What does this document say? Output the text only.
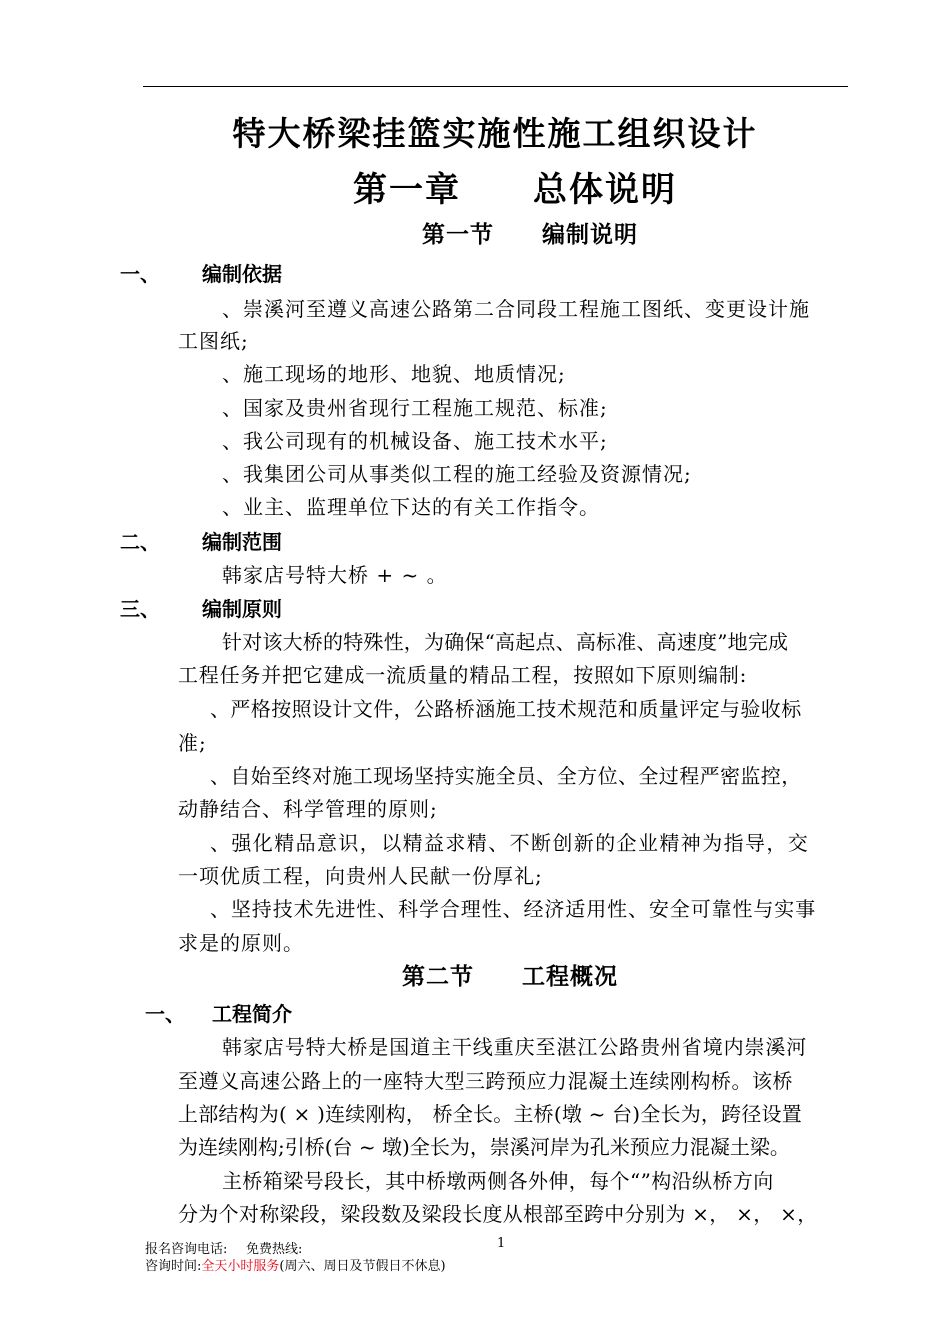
特大桥梁挂篮实施性施工组织设计
第一章　　总体说明
第一节　　编制说明
一、 编制依据
、崇溪河至遵义高速公路第二合同段工程施工图纸、变更设计施
工图纸;
、施工现场的地形、地貌、地质情况;
、国家及贵州省现行工程施工规范、标准;
、我公司现有的机械设备、施工技术水平;
、我集团公司从事类似工程的施工经验及资源情况;
、业主、监理单位下达的有关工作指令。
二、 编制范围
韩家店号特大桥 + ~ 。
三、 编制原则
针对该大桥的特殊性，为确保“高起点、高标准、高速度”地完成
工程任务并把它建成一流质量的精品工程，按照如下原则编制:
、严格按照设计文件，公路桥涵施工技术规范和质量评定与验收标
准;
、自始至终对施工现场坚持实施全员、全方位、全过程严密监控，
动静结合、科学管理的原则;
、强化精品意识，以精益求精、不断创新的企业精神为指导，交
一项优质工程，向贵州人民献一份厚礼;
、坚持技术先进性、科学合理性、经济适用性、安全可靠性与实事
求是的原则。
第二节　　工程概况
一、 工程简介
韩家店号特大桥是国道主干线重庆至湛江公路贵州省境内崇溪河
至遵义高速公路上的一座特大型三跨预应力混凝土连续刚构桥。该桥
上部结构为( × )连续刚构， 桥全长。主桥(墩 ~ 台)全长为，跨径设置
为连续刚构;引桥(台 ~ 墩)全长为，崇溪河岸为孔米预应力混凝土梁。
主桥箱梁号段长，其中桥墩两侧各外伸，每个“”构沿纵桥方向
分为个对称梁段，梁段数及梁段长度从根部至跨中分别为 ×， ×， ×，
报名咨询电话: 免费热线:	1
咨询时间:全天小时服务(周六、周日及节假日不休息)
